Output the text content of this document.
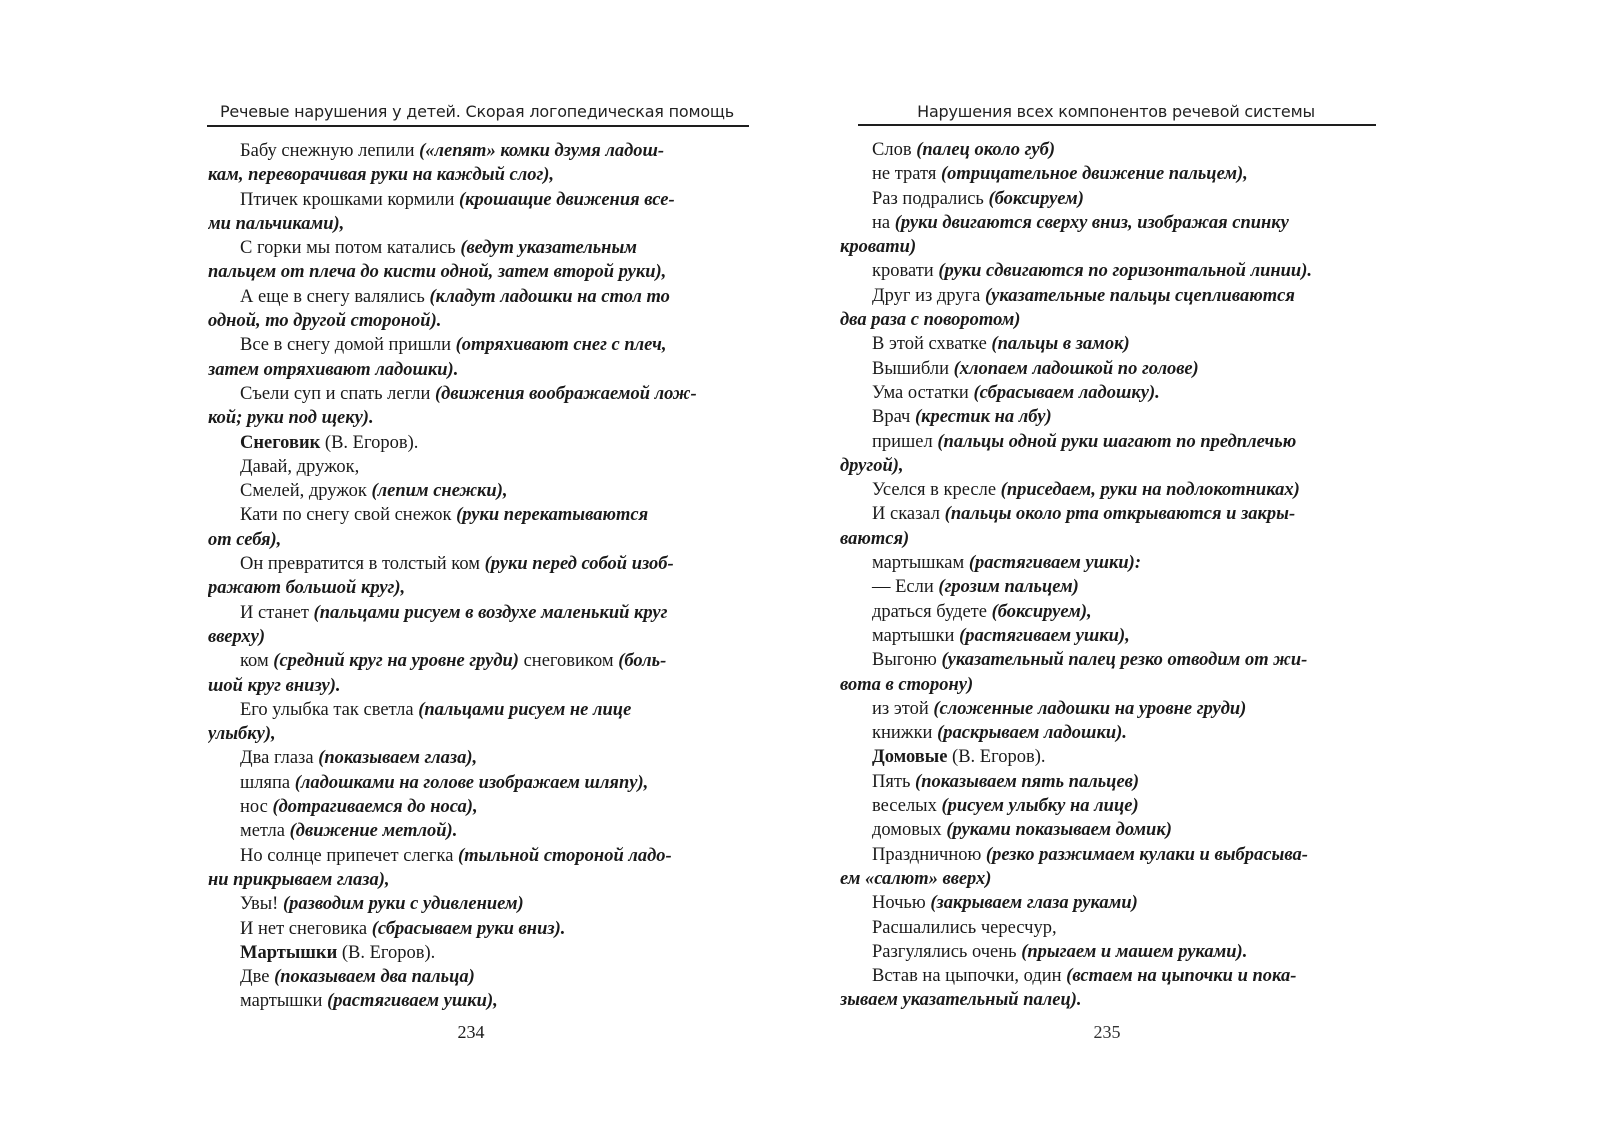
Речевые нарушения у детей. Скорая логопедическая помощь
Бабу снежную лепили («лепят» комки дзумя ладош-
кам, переворачивая руки на каждый слог),
Птичек крошками кормили (крошащие движения все-
ми пальчиками),
С горки мы потом катались (ведут указательным
пальцем от плеча до кисти одной, затем второй руки),
А еще в снегу валялись (кладут ладошки на стол то
одной, то другой стороной).
Все в снегу домой пришли (отряхивают снег с плеч,
затем отряхивают ладошки).
Съели суп и спать легли (движения воображаемой лож-
кой; руки под щеку).
Снеговик (В. Егоров).
Давай, дружок,
Смелей, дружок (лепим снежки),
Кати по снегу свой снежок (руки перекатываются
от себя),
Он превратится в толстый ком (руки перед собой изоб-
ражают большой круг),
И станет (пальцами рисуем в воздухе маленький круг
вверху)
ком (средний круг на уровне груди) снеговиком (боль-
шой круг внизу).
Его улыбка так светла (пальцами рисуем не лице
улыбку),
Два глаза (показываем глаза),
шляпа (ладошками на голове изображаем шляпу),
нос (дотрагиваемся до носа),
метла (движение метлой).
Но солнце припечет слегка (тыльной стороной ладо-
ни прикрываем глаза),
Увы! (разводим руки с удивлением)
И нет снеговика (сбрасываем руки вниз).
Мартышки (В. Егоров).
Две (показываем два пальца)
мартышки (растягиваем ушки),
234
Нарушения всех компонентов речевой системы
Слов (палец около губ)
не тратя (отрицательное движение пальцем),
Раз подрались (боксируем)
на (руки двигаются сверху вниз, изображая спинку
кровати)
кровати (руки сдвигаются по горизонтальной линии).
Друг из друга (указательные пальцы сцепливаются
два раза с поворотом)
В этой схватке (пальцы в замок)
Вышибли (хлопаем ладошкой по голове)
Ума остатки (сбрасываем ладошку).
Врач (крестик на лбу)
пришел (пальцы одной руки шагают по предплечью
другой),
Уселся в кресле (приседаем, руки на подлокотниках)
И сказал (пальцы около рта открываются и закры-
ваются)
мартышкам (растягиваем ушки):
— Если (грозим пальцем)
драться будете (боксируем),
мартышки (растягиваем ушки),
Выгоню (указательный палец резко отводим от жи-
вота в сторону)
из этой (сложенные ладошки на уровне груди)
книжки (раскрываем ладошки).
Домовые (В. Егоров).
Пять (показываем пять пальцев)
веселых (рисуем улыбку на лице)
домовых (руками показываем домик)
Праздничною (резко разжимаем кулаки и выбрасыва-
ем «салют» вверх)
Ночью (закрываем глаза руками)
Расшалились чересчур,
Разгулялись очень (прыгаем и машем руками).
Встав на цыпочки, один (встаем на цыпочки и пока-
зываем указательный палец).
235
